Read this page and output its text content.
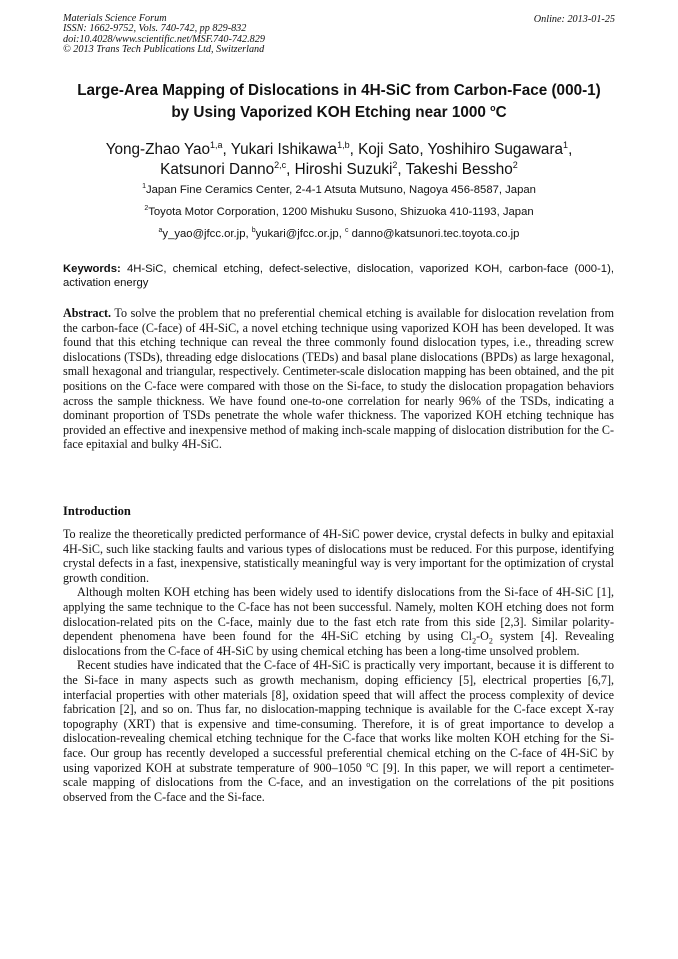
Materials Science Forum
ISSN: 1662-9752, Vols. 740-742, pp 829-832
doi:10.4028/www.scientific.net/MSF.740-742.829
© 2013 Trans Tech Publications Ltd, Switzerland
Online: 2013-01-25
Large-Area Mapping of Dislocations in 4H-SiC from Carbon-Face (000-1)
by Using Vaporized KOH Etching near 1000 $^o$C
Yong-Zhao Yao$^{1,a}$, Yukari Ishikawa$^{1,b}$, Koji Sato, Yoshihiro Sugawara$^1$,
Katsunori Danno$^{2,c}$, Hiroshi Suzuki$^2$, Takeshi Bessho$^2$
$^1$Japan Fine Ceramics Center, 2-4-1 Atsuta Mutsuno, Nagoya 456-8587, Japan
$^2$Toyota Motor Corporation, 1200 Mishuku Susono, Shizuoka 410-1193, Japan
$^a$y_yao@jfcc.or.jp, $^b$yukari@jfcc.or.jp, $^c$ danno@katsunori.tec.toyota.co.jp
Keywords: 4H-SiC, chemical etching, defect-selective, dislocation, vaporized KOH, carbon-face (000-1), activation energy
Abstract. To solve the problem that no preferential chemical etching is available for dislocation revelation from the carbon-face (C-face) of 4H-SiC, a novel etching technique using vaporized KOH has been developed. It was found that this etching technique can reveal the three commonly found dislocation types, i.e., threading screw dislocations (TSDs), threading edge dislocations (TEDs) and basal plane dislocations (BPDs) as large hexagonal, small hexagonal and triangular, respectively. Centimeter-scale dislocation mapping has been obtained, and the pit positions on the C-face were compared with those on the Si-face, to study the dislocation propagation behaviors across the sample thickness. We have found one-to-one correlation for nearly 96% of the TSDs, indicating a dominant proportion of TSDs penetrate the whole wafer thickness. The vaporized KOH etching technique has provided an effective and inexpensive method of making inch-scale mapping of dislocation distribution for the C-face epitaxial and bulky 4H-SiC.
Introduction

To realize the theoretically predicted performance of 4H-SiC power device, crystal defects in bulky and epitaxial 4H-SiC, such like stacking faults and various types of dislocations must be reduced. For this purpose, identifying crystal defects in a fast, inexpensive, statistically meaningful way is very important for the optimization of crystal growth condition.

Although molten KOH etching has been widely used to identify dislocations from the Si-face of 4H-SiC [1], applying the same technique to the C-face has not been successful. Namely, molten KOH etching does not form dislocation-related pits on the C-face, mainly due to the fast etch rate from this side [2,3]. Similar polarity-dependent phenomena have been found for the 4H-SiC etching by using $Cl_2-O_2$ system [4]. Revealing dislocations from the C-face of 4H-SiC by using chemical etching has been a long-time unsolved problem.

Recent studies have indicated that the C-face of 4H-SiC is practically very important, because it is different to the Si-face in many aspects such as growth mechanism, doping efficiency [5], electrical properties [6,7], interfacial properties with other materials [8], oxidation speed that will affect the process complexity of device fabrication [2], and so on. Thus far, no dislocation-mapping technique is available for the C-face except X-ray topography (XRT) that is expensive and time-consuming. Therefore, it is of great importance to develop a dislocation-revealing chemical etching technique for the C-face that works like molten KOH etching for the Si-face. Our group has recently developed a successful preferential chemical etching on the C-face of 4H-SiC by using vaporized KOH at substrate temperature of 900–1050 $^o$C [9]. In this paper, we will report a centimeter-scale mapping of dislocations from the C-face, and an investigation on the correlations of the pit positions observed from the C-face and the Si-face.
